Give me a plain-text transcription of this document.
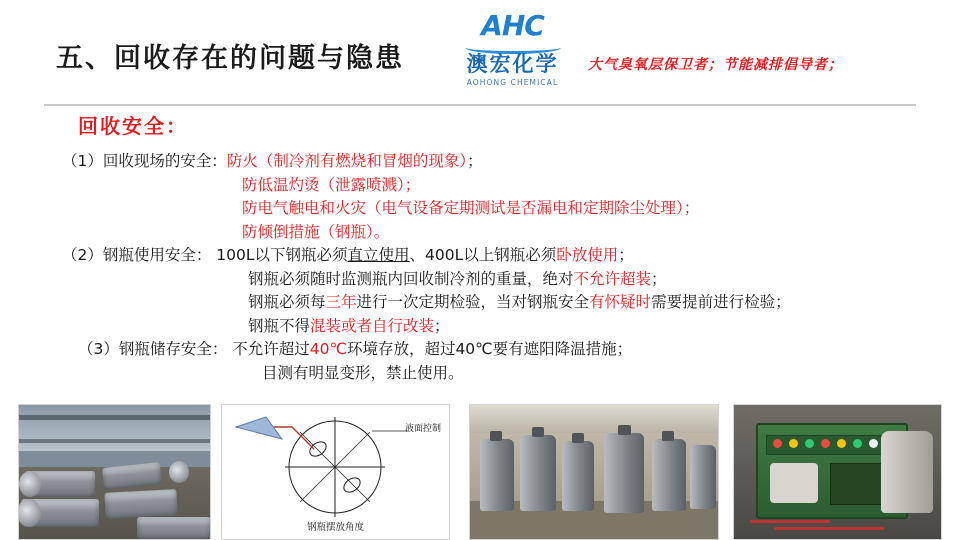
五、回收存在的问题与隐患
AHC
澳宏化学
AOHONG CHEMICAL
大气臭氧层保卫者；节能减排倡导者；
回收安全：
（1）回收现场的安全：防火（制冷剂有燃烧和冒烟的现象）；
防低温灼烫（泄露喷溅）；
防电气触电和火灾（电气设备定期测试是否漏电和定期除尘处理）；
防倾倒措施（钢瓶）。
（2）钢瓶使用安全： 100L以下钢瓶必须直立使用、400L以上钢瓶必须卧放使用；
钢瓶必须随时监测瓶内回收制冷剂的重量，绝对不允许超装；
钢瓶必须每三年进行一次定期检验，当对钢瓶安全有怀疑时需要提前进行检验；
钢瓶不得混装或者自行改装；
（3）钢瓶储存安全： 不允许超过40℃环境存放，超过40℃要有遮阳降温措施；
目测有明显变形，禁止使用。
液面控制
钢瓶摆放角度
